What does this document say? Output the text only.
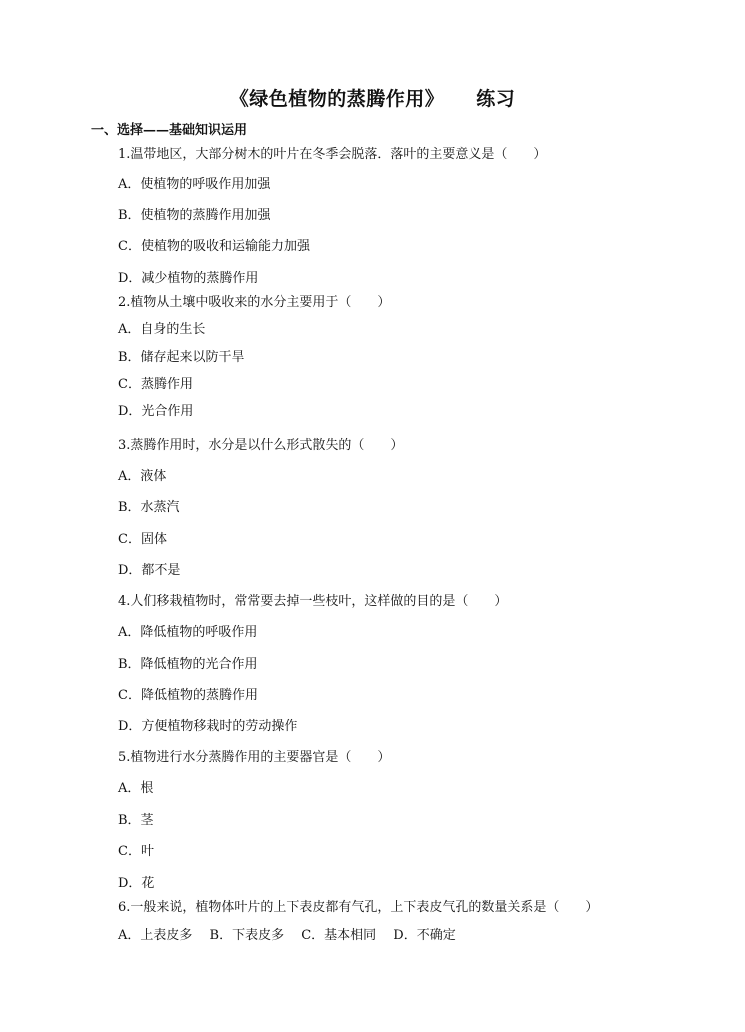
《绿色植物的蒸腾作用》 练习
一、选择——基础知识运用
1.温带地区，大部分树木的叶片在冬季会脱落．落叶的主要意义是（　　）
A．使植物的呼吸作用加强
B．使植物的蒸腾作用加强
C．使植物的吸收和运输能力加强
D．减少植物的蒸腾作用
2.植物从土壤中吸收来的水分主要用于（　　）
A．自身的生长
B．储存起来以防干旱
C．蒸腾作用
D．光合作用
3.蒸腾作用时，水分是以什么形式散失的（　　）
A．液体
B．水蒸汽
C．固体
D．都不是
4.人们移栽植物时，常常要去掉一些枝叶，这样做的目的是（　　）
A．降低植物的呼吸作用
B．降低植物的光合作用
C．降低植物的蒸腾作用
D．方便植物移栽时的劳动操作
5.植物进行水分蒸腾作用的主要器官是（　　）
A．根
B．茎
C．叶
D．花
6.一般来说，植物体叶片的上下表皮都有气孔，上下表皮气孔的数量关系是（　　）
A．上表皮多　 B．下表皮多　 C．基本相同　 D．不确定
